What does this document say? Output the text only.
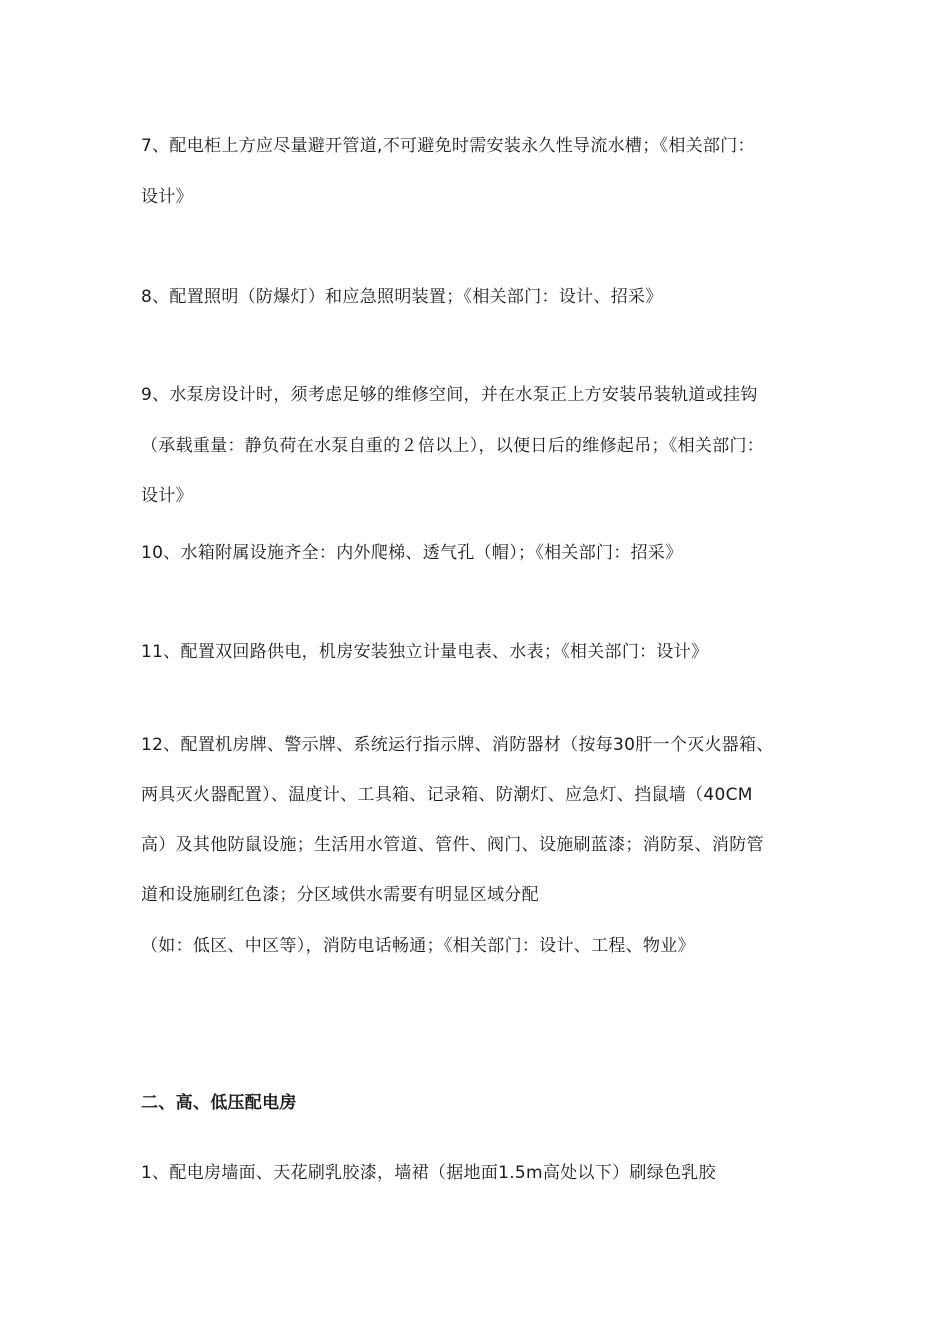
7、配电柜上方应尽量避开管道,不可避免时需安装永久性导流水槽；《相关部门：
设计》
8、配置照明（防爆灯）和应急照明装置；《相关部门：设计、招采》
9、水泵房设计时，须考虑足够的维修空间，并在水泵正上方安装吊装轨道或挂钩
（承载重量：静负荷在水泵自重的２倍以上），以便日后的维修起吊；《相关部门：
设计》
10、水箱附属设施齐全：内外爬梯、透气孔（帽）；《相关部门：招采》
11、配置双回路供电，机房安装独立计量电表、水表；《相关部门：设计》
12、配置机房牌、警示牌、系统运行指示牌、消防器材（按每30肝一个灭火器箱、
两具灭火器配置）、温度计、工具箱、记录箱、防潮灯、应急灯、挡鼠墙（40CM
高）及其他防鼠设施；生活用水管道、管件、阀门、设施刷蓝漆；消防泵、消防管
道和设施刷红色漆；分区域供水需要有明显区域分配
（如：低区、中区等），消防电话畅通；《相关部门：设计、工程、物业》
二、高、低压配电房
1、配电房墙面、天花刷乳胶漆，墙裙（据地面1.5m高处以下）刷绿色乳胶
